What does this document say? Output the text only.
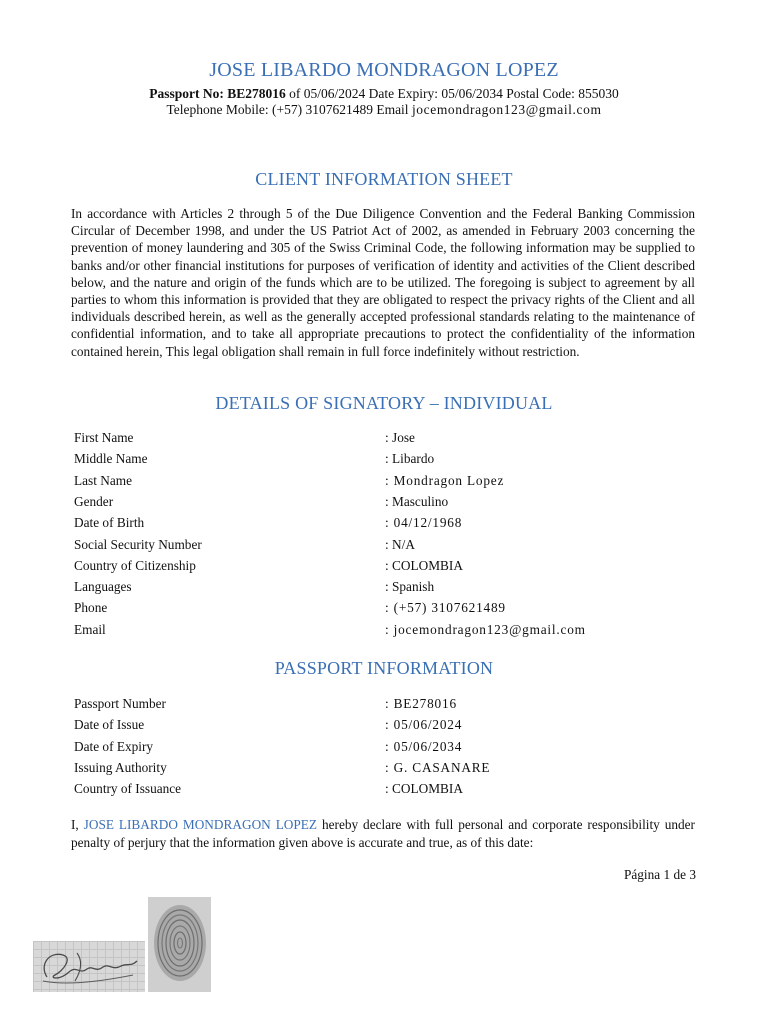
JOSE LIBARDO MONDRAGON LOPEZ
Passport No: BE278016 of 05/06/2024 Date Expiry: 05/06/2034 Postal Code: 855030
Telephone Mobile: (+57) 3107621489 Email jocemondragon123@gmail.com
CLIENT INFORMATION SHEET
In accordance with Articles 2 through 5 of the Due Diligence Convention and the Federal Banking Commission Circular of December 1998, and under the US Patriot Act of 2002, as amended in February 2003 concerning the prevention of money laundering and 305 of the Swiss Criminal Code, the following information may be supplied to banks and/or other financial institutions for purposes of verification of identity and activities of the Client described below, and the nature and origin of the funds which are to be utilized. The foregoing is subject to agreement by all parties to whom this information is provided that they are obligated to respect the privacy rights of the Client and all individuals described herein, as well as the generally accepted professional standards relating to the maintenance of confidential information, and to take all appropriate precautions to protect the confidentiality of the information contained herein, This legal obligation shall remain in full force indefinitely without restriction.
DETAILS OF SIGNATORY – INDIVIDUAL
First Name	: Jose
Middle Name	: Libardo
Last Name	: Mondragon Lopez
Gender	: Masculino
Date of Birth	: 04/12/1968
Social Security Number	: N/A
Country of Citizenship	: COLOMBIA
Languages	: Spanish
Phone	: (+57) 3107621489
Email	: jocemondragon123@gmail.com
PASSPORT INFORMATION
Passport Number	: BE278016
Date of Issue	: 05/06/2024
Date of Expiry	: 05/06/2034
Issuing Authority	: G. CASANARE
Country of Issuance	: COLOMBIA
I, JOSE LIBARDO MONDRAGON LOPEZ hereby declare with full personal and corporate responsibility under penalty of perjury that the information given above is accurate and true, as of this date:
Página 1 de 3
